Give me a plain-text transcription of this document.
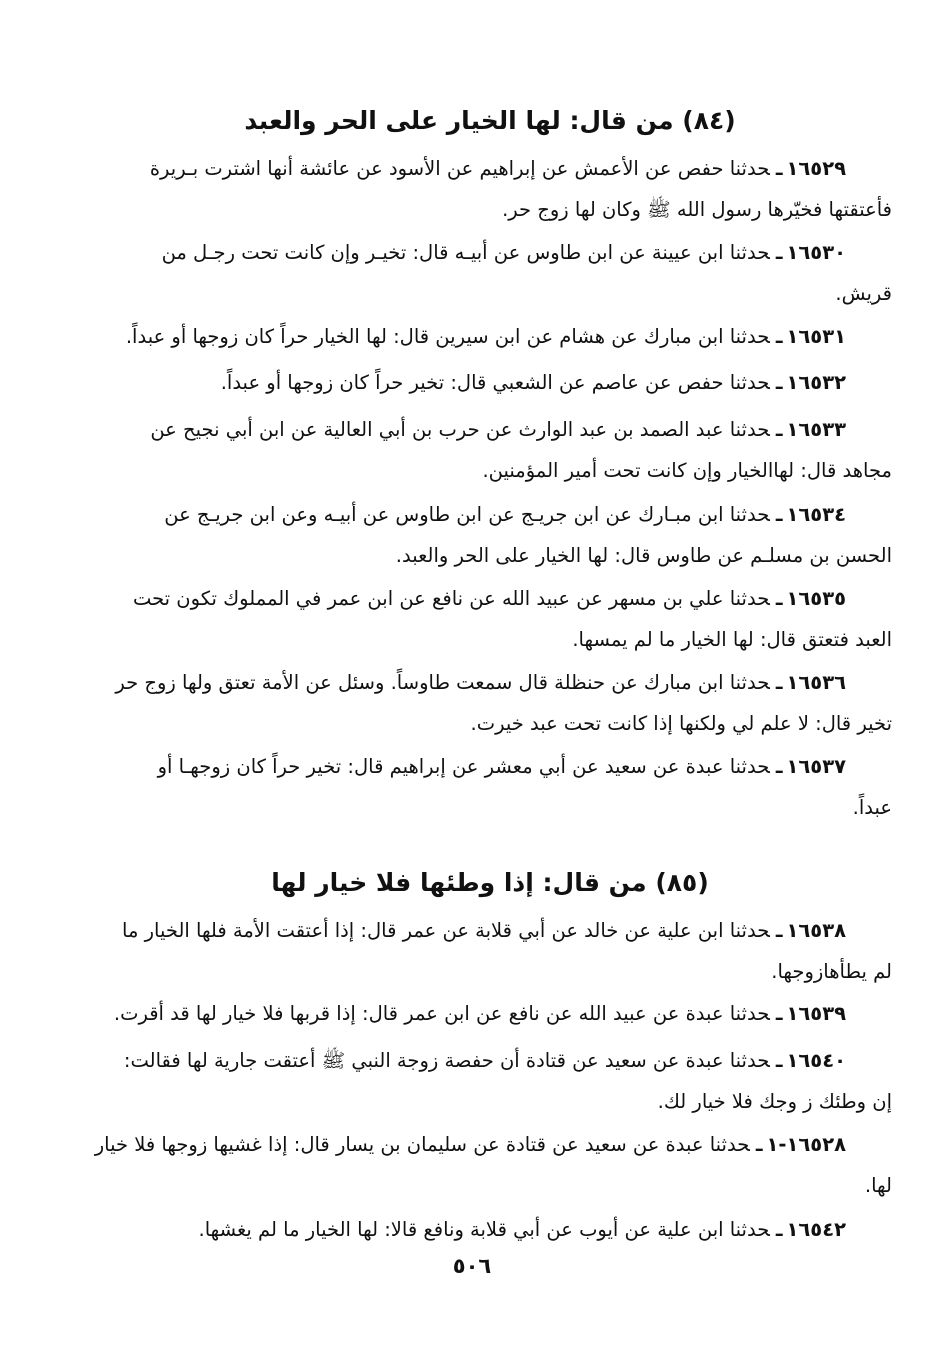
(٨٤) من قال: لها الخيار على الحر والعبد
١٦٥٢٩ـحدثنا حفص عن الأعمش عن إبراهيم عن الأسود عن عائشة أنها اشترت بـريرة
فأعتقتها فخيّرها رسول الله ﷺ وكان لها زوج حر.
١٦٥٣٠ـحدثنا ابن عيينة عن ابن طاوس عن أبيـه قال: تخيـر وإن كانت تحت رجـل من
قريش.
١٦٥٣١ـحدثنا ابن مبارك عن هشام عن ابن سيرين قال: لها الخيار حراً كان زوجها أو عبداً.
١٦٥٣٢ـحدثنا حفص عن عاصم عن الشعبي قال: تخير حراً كان زوجها أو عبداً.
١٦٥٣٣ـحدثنا عبد الصمد بن عبد الوارث عن حرب بن أبي العالية عن ابن أبي نجيح عن
مجاهد قال: لهاالخيار وإن كانت تحت أمير المؤمنين.
١٦٥٣٤ـحدثنا ابن مبـارك عن ابن جريـج عن ابن طاوس عن أبيـه وعن ابن جريـج عن
الحسن بن مسلـم عن طاوس قال: لها الخيار على الحر والعبد.
١٦٥٣٥ـحدثنا علي بن مسهر عن عبيد الله عن نافع عن ابن عمر في المملوك تكون تحت
العبد فتعتق قال: لها الخيار ما لم يمسها.
١٦٥٣٦ـحدثنا ابن مبارك عن حنظلة قال سمعت طاوساً. وسئل عن الأمة تعتق ولها زوج حر
تخير قال: لا علم لي ولكنها إذا كانت تحت عبد خيرت.
١٦٥٣٧ـحدثنا عبدة عن سعيد عن أبي معشر عن إبراهيم قال: تخير حراً كان زوجهـا أو
عبداً.
(٨٥) من قال: إذا وطئها فلا خيار لها
١٦٥٣٨ـحدثنا ابن علية عن خالد عن أبي قلابة عن عمر قال: إذا أعتقت الأمة فلها الخيار ما
لم يطأهازوجها.
١٦٥٣٩ـحدثنا عبدة عن عبيد الله عن نافع عن ابن عمر قال: إذا قربها فلا خيار لها قد أقرت.
١٦٥٤٠ـحدثنا عبدة عن سعيد عن قتادة أن حفصة زوجة النبي ﷺ أعتقت جارية لها فقالت:
إن وطئك ز وجك فلا خيار لك.
١٦٥٢٨-١ـحدثنا عبدة عن سعيد عن قتادة عن سليمان بن يسار قال: إذا غشيها زوجها فلا خيار
لها.
١٦٥٤٢ـحدثنا ابن علية عن أيوب عن أبي قلابة ونافع قالا: لها الخيار ما لم يغشها.
٥٠٦
